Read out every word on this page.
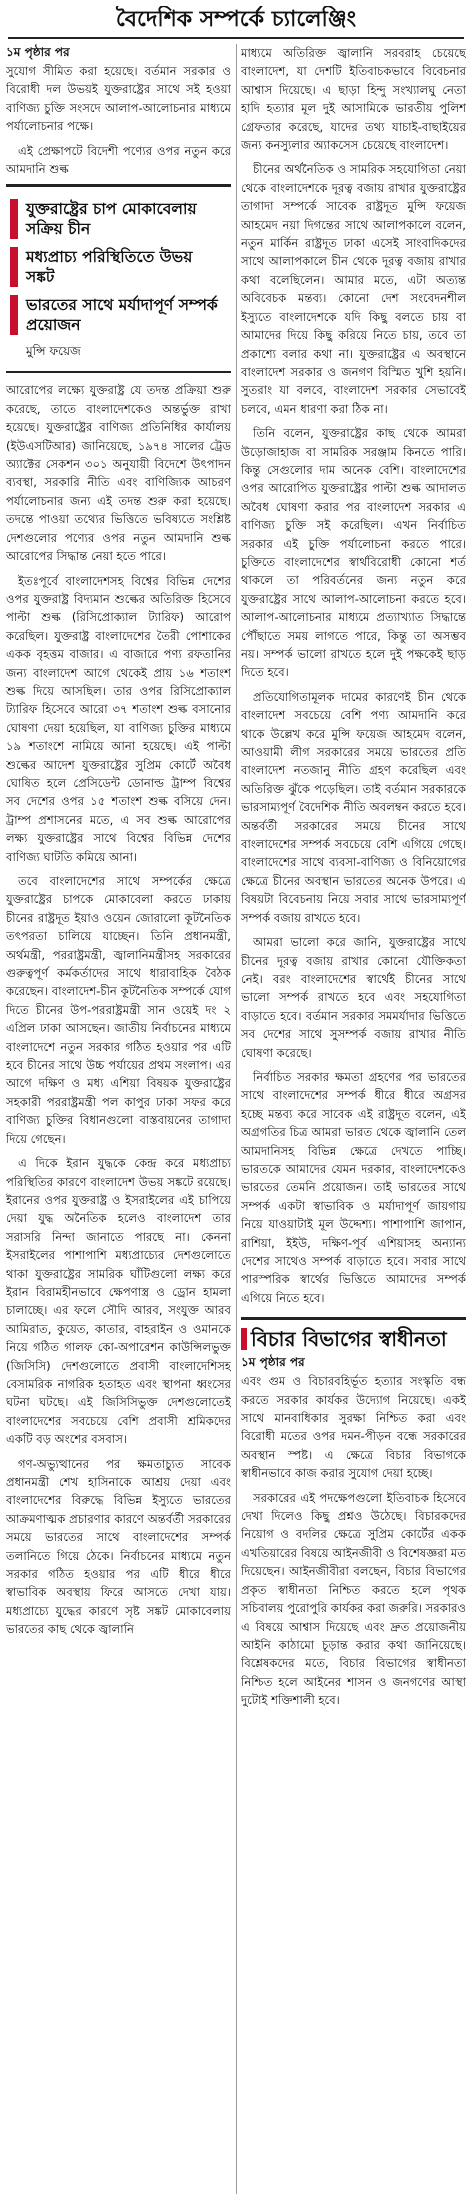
বৈদেশিক সম্পর্কে চ্যালেঞ্জিং
১ম পৃষ্ঠার পর

সুযোগ সীমিত করা হয়েছে। বর্তমান সরকার ও বিরোধী দল উভয়ই যুক্তরাষ্ট্রের সাথে সই হওয়া বাণিজ্য চুক্তি সংসদে আলাপ-আলোচনার মাধ্যমে পর্যালোচনার পক্ষে।

এই প্রেক্ষাপটে বিদেশী পণ্যের ওপর নতুন করে আমদানি শুল্ক

যুক্তরাষ্ট্রের চাপ মোকাবেলায় সক্রিয় চীন
মধ্যপ্রাচ্য পরিস্থিতিতে উভয় সঙ্কট
ভারতের সাথে মর্যাদাপূর্ণ সম্পর্ক প্রয়োজন
মুন্সি ফয়েজ

আরোপের লক্ষ্যে যুক্তরাষ্ট্র যে তদন্ত প্রক্রিয়া শুরু করেছে, তাতে বাংলাদেশকেও অন্তর্ভুক্ত রাখা হয়েছে। যুক্তরাষ্ট্রের বাণিজ্য প্রতিনিধির কার্যালয় (ইউএসটিআর) জানিয়েছে, ১৯৭৪ সালের ট্রেড অ্যাক্টের সেকশন ৩০১ অনুযায়ী বিদেশে উৎপাদন ব্যবস্থা, সরকারি নীতি এবং বাণিজ্যিক আচরণ পর্যালোচনার জন্য এই তদন্ত শুরু করা হয়েছে। তদন্তে পাওয়া তথ্যের ভিত্তিতে ভবিষ্যতে সংশ্লিষ্ট দেশগুলোর পণ্যের ওপর নতুন আমদানি শুল্ক আরোপের সিদ্ধান্ত নেয়া হতে পারে।

ইতঃপূর্বে বাংলাদেশসহ বিশ্বের বিভিন্ন দেশের ওপর যুক্তরাষ্ট্র বিদ্যমান শুল্কের অতিরিক্ত হিসেবে পাল্টা শুল্ক (রিসিপ্রোক্যাল ট্যারিফ) আরোপ করেছিল। যুক্তরাষ্ট্র বাংলাদেশের তৈরী পোশাকের একক বৃহত্তম বাজার। এ বাজারে পণ্য রফতানির জন্য বাংলাদেশ আগে থেকেই প্রায় ১৬ শতাংশ শুল্ক দিয়ে আসছিল। তার ওপর রিসিপ্রোক্যাল ট্যারিফ হিসেবে আরো ৩৭ শতাংশ শুল্ক বসানোর ঘোষণা দেয়া হয়েছিল, যা বাণিজ্য চুক্তির মাধ্যমে ১৯ শতাংশে নামিয়ে আনা হয়েছে। এই পাল্টা শুল্কের আদেশ যুক্তরাষ্ট্রের সুপ্রিম কোর্টে অবৈধ ঘোষিত হলে প্রেসিডেন্ট ডোনাল্ড ট্রাম্প বিশ্বের সব দেশের ওপর ১৫ শতাংশ শুল্ক বসিয়ে দেন। ট্রাম্প প্রশাসনের মতে, এ সব শুল্ক আরোপের লক্ষ্য যুক্তরাষ্ট্রের সাথে বিশ্বের বিভিন্ন দেশের বাণিজ্য ঘাটতি কমিয়ে আনা।

তবে বাংলাদেশের সাথে সম্পর্কের ক্ষেত্রে যুক্তরাষ্ট্রের চাপকে মোকাবেলা করতে ঢাকায় চীনের রাষ্ট্রদূত ইয়াও ওয়েন জোরালো কূটনৈতিক তৎপরতা চালিয়ে যাচ্ছেন। তিনি প্রধানমন্ত্রী, অর্থমন্ত্রী, পররাষ্ট্রমন্ত্রী, জ্বালানিমন্ত্রীসহ সরকারের গুরুত্বপূর্ণ কর্মকর্তাদের সাথে ধারাবাহিক বৈঠক করেছেন। বাংলাদেশ-চীন কূটনৈতিক সম্পর্কে যোগ দিতে চীনের উপ-পররাষ্ট্রমন্ত্রী সান ওয়েই দং ২ এপ্রিল ঢাকা আসছেন। জাতীয় নির্বাচনের মাধ্যমে বাংলাদেশে নতুন সরকার গঠিত হওয়ার পর এটি হবে চীনের সাথে উচ্চ পর্যায়ের প্রথম সংলাপ। এর আগে দক্ষিণ ও মধ্য এশিয়া বিষয়ক যুক্তরাষ্ট্রের সহকারী পররাষ্ট্রমন্ত্রী পল কাপুর ঢাকা সফর করে বাণিজ্য চুক্তির বিধানগুলো বাস্তবায়নের তাগাদা দিয়ে গেছেন।

এ দিকে ইরান যুদ্ধকে কেন্দ্র করে মধ্যপ্রাচ্য পরিস্থিতির কারণে বাংলাদেশ উভয় সঙ্কটে রয়েছে। ইরানের ওপর যুক্তরাষ্ট্র ও ইসরাইলের এই চাপিয়ে দেয়া যুদ্ধ অনৈতিক হলেও বাংলাদেশ তার সরাসরি নিন্দা জানাতে পারছে না। কেননা ইসরাইলের পাশাপাশি মধ্যপ্রাচ্যের দেশগুলোতে থাকা যুক্তরাষ্ট্রের সামরিক ঘাঁটিগুলো লক্ষ্য করে ইরান বিরামহীনভাবে ক্ষেপণাস্ত্র ও ড্রোন হামলা চালাচ্ছে। এর ফলে সৌদি আরব, সংযুক্ত আরব আমিরাত, কুয়েত, কাতার, বাহরাইন ও ওমানকে নিয়ে গঠিত গালফ কো-অপারেশন কাউন্সিলভুক্ত (জিসিসি) দেশগুলোতে প্রবাসী বাংলাদেশিসহ বেসামরিক নাগরিক হতাহত এবং স্থাপনা ধ্বংসের ঘটনা ঘটছে। এই জিসিসিভুক্ত দেশগুলোতেই বাংলাদেশের সবচেয়ে বেশি প্রবাসী শ্রমিকদের একটি বড় অংশের বসবাস।

গণ-অভ্যুত্থানের পর ক্ষমতাচ্যুত সাবেক প্রধানমন্ত্রী শেখ হাসিনাকে আশ্রয় দেয়া এবং বাংলাদেশের বিরুদ্ধে বিভিন্ন ইস্যুতে ভারতের আক্রমণাত্মক প্রচারণার কারণে অন্তর্বর্তী সরকারের সময়ে ভারতের সাথে বাংলাদেশের সম্পর্ক তলানিতে গিয়ে ঠেকে। নির্বাচনের মাধ্যমে নতুন সরকার গঠিত হওয়ার পর এটি ধীরে ধীরে স্বাভাবিক অবস্থায় ফিরে আসতে দেখা যায়। মধ্যপ্রাচ্যে যুদ্ধের কারণে সৃষ্ট সঙ্কট মোকাবেলায় ভারতের কাছ থেকে জ্বালানি

মাধ্যমে অতিরিক্ত জ্বালানি সরবরাহ চেয়েছে বাংলাদেশ, যা দেশটি ইতিবাচকভাবে বিবেচনার আশ্বাস দিয়েছে। এ ছাড়া হিন্দু সংখ্যালঘু নেতা হাদি হত্যার মূল দুই আসামিকে ভারতীয় পুলিশ গ্রেফতার করেছে, যাদের তথ্য যাচাই-বাছাইয়ের জন্য কনস্যুলার অ্যাকসেস চেয়েছে বাংলাদেশ।

চীনের অর্থনৈতিক ও সামরিক সহযোগিতা নেয়া থেকে বাংলাদেশকে দূরত্ব বজায় রাখার যুক্তরাষ্ট্রের তাগাদা সম্পর্কে সাবেক রাষ্ট্রদূত মুন্সি ফয়েজ আহমেদ নয়া দিগন্তের সাথে আলাপকালে বলেন, নতুন মার্কিন রাষ্ট্রদূত ঢাকা এসেই সাংবাদিকদের সাথে আলাপকালে চীন থেকে দূরত্ব বজায় রাখার কথা বলেছিলেন। আমার মতে, এটা অত্যন্ত অবিবেচক মন্তব্য। কোনো দেশ সংবেদনশীল ইস্যুতে বাংলাদেশকে যদি কিছু বলতে চায় বা আমাদের দিয়ে কিছু করিয়ে নিতে চায়, তবে তা প্রকাশ্যে বলার কথা না। যুক্তরাষ্ট্রের এ অবস্থানে বাংলাদেশ সরকার ও জনগণ বিস্মিত খুশি হয়নি। সুতরাং যা বলবে, বাংলাদেশ সরকার সেভাবেই চলবে, এমন ধারণা করা ঠিক না।

তিনি বলেন, যুক্তরাষ্ট্রের কাছ থেকে আমরা উড়োজাহাজ বা সামরিক সরঞ্জাম কিনতে পারি। কিন্তু সেগুলোর দাম অনেক বেশি। বাংলাদেশের ওপর আরোপিত যুক্তরাষ্ট্রের পাল্টা শুল্ক আদালত অবৈধ ঘোষণা করার পর বাংলাদেশ সরকার এ বাণিজ্য চুক্তি সই করেছিল। এখন নির্বাচিত সরকার এই চুক্তি পর্যালোচনা করতে পারে। চুক্তিতে বাংলাদেশের স্বার্থবিরোধী কোনো শর্ত থাকলে তা পরিবর্তনের জন্য নতুন করে যুক্তরাষ্ট্রের সাথে আলাপ-আলোচনা করতে হবে। আলাপ-আলোচনার মাধ্যমে প্রত্যাখ্যাত সিদ্ধান্তে পৌঁছাতে সময় লাগতে পারে, কিন্তু তা অসম্ভব নয়। সম্পর্ক ভালো রাখতে হলে দুই পক্ষকেই ছাড় দিতে হবে।

প্রতিযোগিতামূলক দামের কারণেই চীন থেকে বাংলাদেশ সবচেয়ে বেশি পণ্য আমদানি করে থাকে উল্লেখ করে মুন্সি ফয়েজ আহমেদ বলেন, আওয়ামী লীগ সরকারের সময়ে ভারতের প্রতি বাংলাদেশ নতজানু নীতি গ্রহণ করেছিল এবং অতিরিক্ত ঝুঁকে পড়েছিল। তাই বর্তমান সরকারকে ভারসাম্যপূর্ণ বৈদেশিক নীতি অবলম্বন করতে হবে। অন্তর্বর্তী সরকারের সময়ে চীনের সাথে বাংলাদেশের সম্পর্ক সবচেয়ে বেশি এগিয়ে গেছে। বাংলাদেশের সাথে ব্যবসা-বাণিজ্য ও বিনিয়োগের ক্ষেত্রে চীনের অবস্থান ভারতের অনেক উপরে। এ বিষয়টা বিবেচনায় নিয়ে সবার সাথে ভারসাম্যপূর্ণ সম্পর্ক বজায় রাখতে হবে।

আমরা ভালো করে জানি, যুক্তরাষ্ট্রের সাথে চীনের দূরত্ব বজায় রাখার কোনো যৌক্তিকতা নেই। বরং বাংলাদেশের স্বার্থেই চীনের সাথে ভালো সম্পর্ক রাখতে হবে এবং সহযোগিতা বাড়াতে হবে। বর্তমান সরকার সমমর্যাদার ভিত্তিতে সব দেশের সাথে সুসম্পর্ক বজায় রাখার নীতি ঘোষণা করেছে।

নির্বাচিত সরকার ক্ষমতা গ্রহণের পর ভারতের সাথে বাংলাদেশের সম্পর্ক ধীরে ধীরে অগ্রসর হচ্ছে মন্তব্য করে সাবেক এই রাষ্ট্রদূত বলেন, এই অগ্রগতির চিত্র আমরা ভারত থেকে জ্বালানি তেল আমদানিসহ বিভিন্ন ক্ষেত্রে দেখতে পাচ্ছি। ভারতকে আমাদের যেমন দরকার, বাংলাদেশকেও ভারতের তেমনি প্রয়োজন। তাই ভারতের সাথে সম্পর্ক একটা স্বাভাবিক ও মর্যাদাপূর্ণ জায়গায় নিয়ে যাওয়াটাই মূল উদ্দেশ্য। পাশাপাশি জাপান, রাশিয়া, ইইউ, দক্ষিণ-পূর্ব এশিয়াসহ অন্যান্য দেশের সাথেও সম্পর্ক বাড়াতে হবে। সবার সাথে পারস্পরিক স্বার্থের ভিত্তিতে আমাদের সম্পর্ক এগিয়ে নিতে হবে।

বিচার বিভাগের স্বাধীনতা
১ম পৃষ্ঠার পর

এবং গুম ও বিচারবহির্ভূত হত্যার সংস্কৃতি বন্ধ করতে সরকার কার্যকর উদ্যোগ নিয়েছে। একই সাথে মানবাধিকার সুরক্ষা নিশ্চিত করা এবং বিরোধী মতের ওপর দমন-পীড়ন বন্ধে সরকারের অবস্থান স্পষ্ট। এ ক্ষেত্রে বিচার বিভাগকে স্বাধীনভাবে কাজ করার সুযোগ দেয়া হচ্ছে।

সরকারের এই পদক্ষেপগুলো ইতিবাচক হিসেবে দেখা দিলেও কিছু প্রশ্নও উঠেছে। বিচারকদের নিয়োগ ও বদলির ক্ষেত্রে সুপ্রিম কোর্টের একক এখতিয়ারের বিষয়ে আইনজীবী ও বিশেষজ্ঞরা মত দিয়েছেন। আইনজীবীরা বলছেন, বিচার বিভাগের প্রকৃত স্বাধীনতা নিশ্চিত করতে হলে পৃথক সচিবালয় পুরোপুরি কার্যকর করা জরুরি। সরকারও এ বিষয়ে আশ্বাস দিয়েছে এবং দ্রুত প্রয়োজনীয় আইনি কাঠামো চূড়ান্ত করার কথা জানিয়েছে। বিশ্লেষকদের মতে, বিচার বিভাগের স্বাধীনতা নিশ্চিত হলে আইনের শাসন ও জনগণের আস্থা দুটোই শক্তিশালী হবে।
